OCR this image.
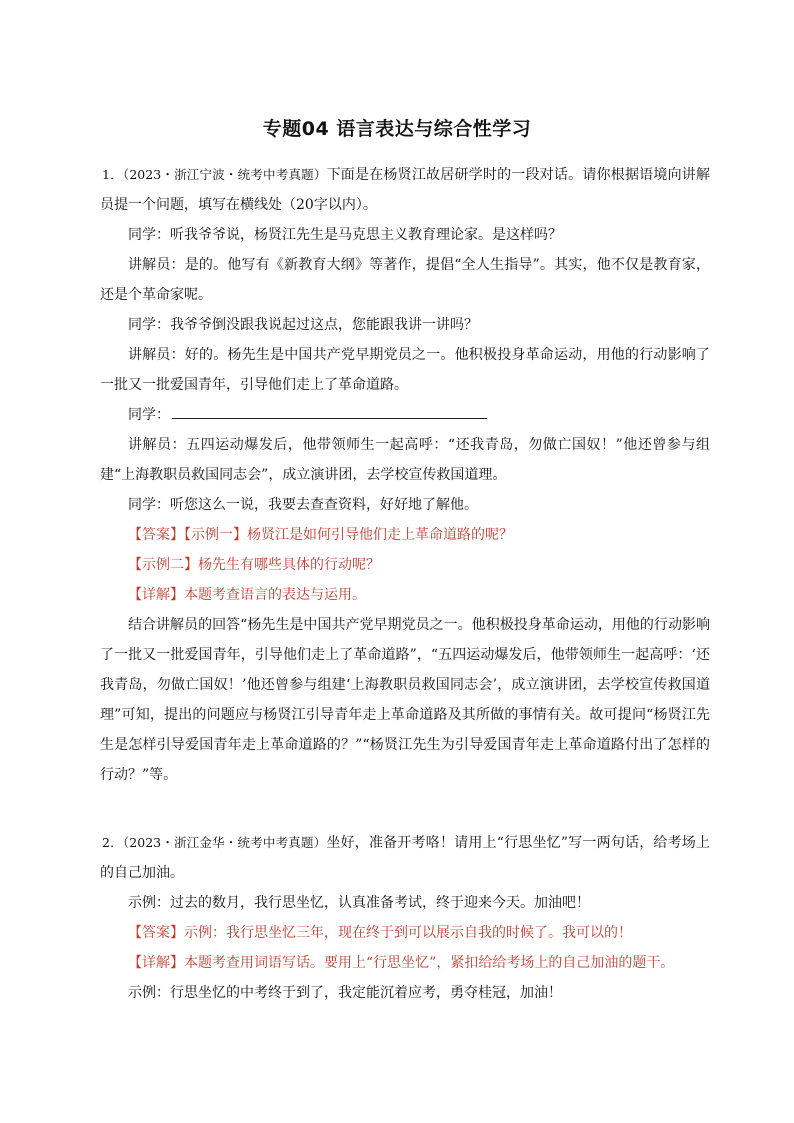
专题04 语言表达与综合性学习

1．（2023・浙江宁波・统考中考真题）下面是在杨贤江故居研学时的一段对话。请你根据语境向讲解员提一个问题，填写在横线处（20字以内）。

同学：听我爷爷说，杨贤江先生是马克思主义教育理论家。是这样吗？

讲解员：是的。他写有《新教育大纲》等著作，提倡“全人生指导”。其实，他不仅是教育家，还是个革命家呢。

同学：我爷爷倒没跟我说起过这点，您能跟我讲一讲吗？

讲解员：好的。杨先生是中国共产党早期党员之一。他积极投身革命运动，用他的行动影响了一批又一批爱国青年，引导他们走上了革命道路。

同学：

讲解员：五四运动爆发后，他带领师生一起高呼：“还我青岛，勿做亡国奴！”他还曾参与组建“上海教职员救国同志会”，成立演讲团，去学校宣传救国道理。

同学：听您这么一说，我要去查查资料，好好地了解他。

【答案】【示例一】杨贤江是如何引导他们走上革命道路的呢？

【示例二】杨先生有哪些具体的行动呢？

【详解】本题考查语言的表达与运用。

结合讲解员的回答“杨先生是中国共产党早期党员之一。他积极投身革命运动，用他的行动影响了一批又一批爱国青年，引导他们走上了革命道路”，“五四运动爆发后，他带领师生一起高呼：‘还我青岛，勿做亡国奴！’他还曾参与组建‘上海教职员救国同志会’，成立演讲团，去学校宣传救国道理”可知，提出的问题应与杨贤江引导青年走上革命道路及其所做的事情有关。故可提问“杨贤江先生是怎样引导爱国青年走上革命道路的？”“杨贤江先生为引导爱国青年走上革命道路付出了怎样的行动？”等。

2．（2023・浙江金华・统考中考真题）坐好，准备开考咯！请用上“行思坐忆”写一两句话，给考场上的自己加油。

示例：过去的数月，我行思坐忆，认真准备考试，终于迎来今天。加油吧！

【答案】示例：我行思坐忆三年，现在终于到可以展示自我的时候了。我可以的！

【详解】本题考查用词语写话。要用上“行思坐忆”，紧扣给给考场上的自己加油的题干。

示例：行思坐忆的中考终于到了，我定能沉着应考，勇夺桂冠，加油！
